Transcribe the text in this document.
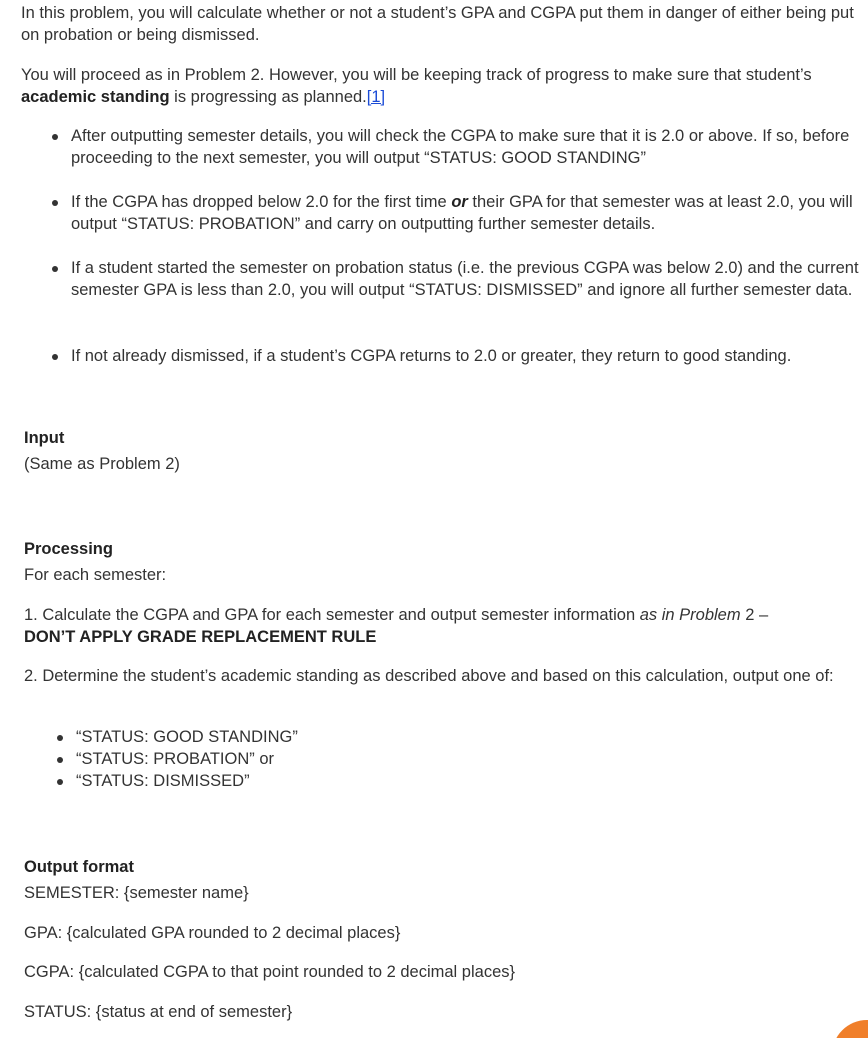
In this problem, you will calculate whether or not a student’s GPA and CGPA put them in danger of either being put on probation or being dismissed.

You will proceed as in Problem 2. However, you will be keeping track of progress to make sure that student’s academic standing is progressing as planned.[1]

After outputting semester details, you will check the CGPA to make sure that it is 2.0 or above. If so, before proceeding to the next semester, you will output “STATUS: GOOD STANDING”
If the CGPA has dropped below 2.0 for the first time or their GPA for that semester was at least 2.0, you will output “STATUS: PROBATION” and carry on outputting further semester details.
If a student started the semester on probation status (i.e. the previous CGPA was below 2.0) and the current semester GPA is less than 2.0, you will output “STATUS: DISMISSED” and ignore all further semester data.
If not already dismissed, if a student’s CGPA returns to 2.0 or greater, they return to good standing.
Input
(Same as Problem 2)
Processing
For each semester:
1. Calculate the CGPA and GPA for each semester and output semester information as in Problem 2 –
DON’T APPLY GRADE REPLACEMENT RULE
2. Determine the student’s academic standing as described above and based on this calculation, output one of:
“STATUS: GOOD STANDING”
“STATUS: PROBATION” or
“STATUS: DISMISSED”
Output format
SEMESTER: {semester name}
GPA: {calculated GPA rounded to 2 decimal places}
CGPA: {calculated CGPA to that point rounded to 2 decimal places}
STATUS: {status at end of semester}
